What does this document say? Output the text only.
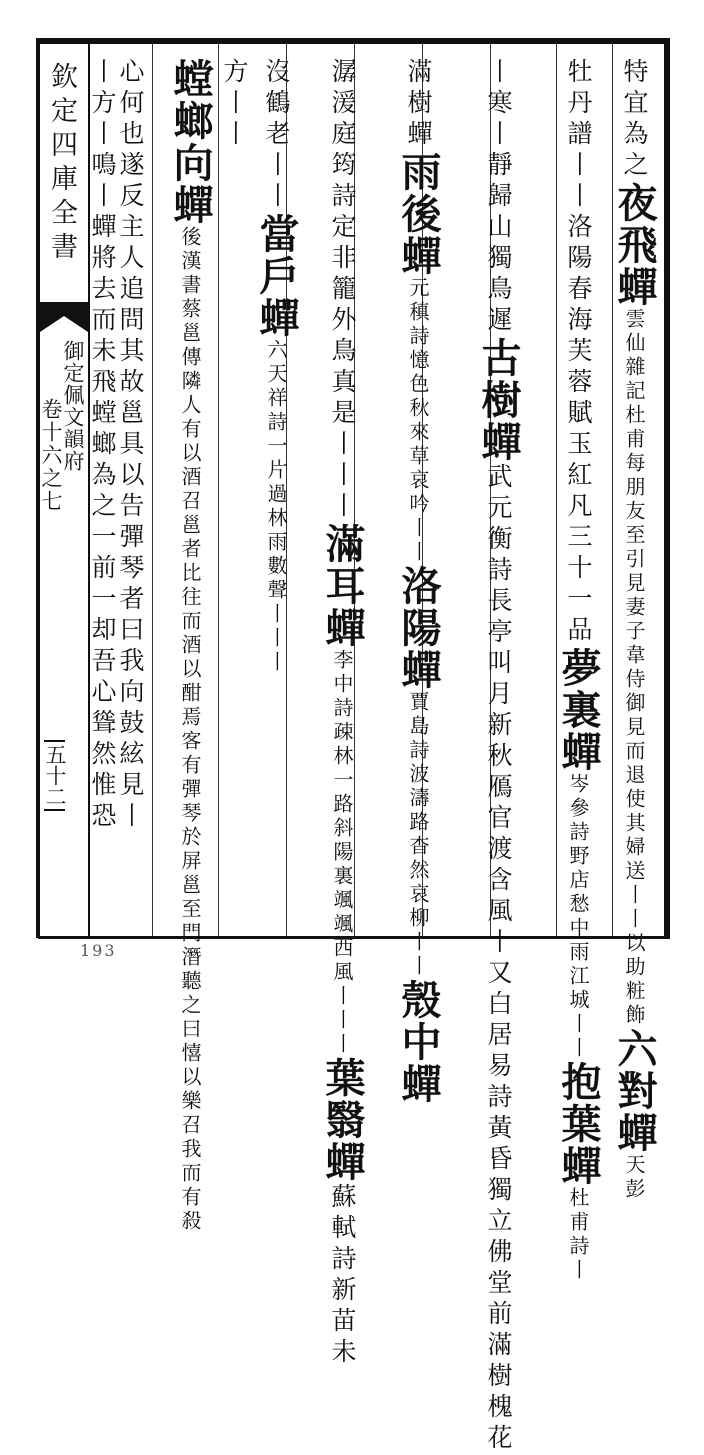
欽定四庫全書
御定佩文韻府
卷十六之七
五十二
特宜為之夜飛蟬雲仙雜記杜甫每朋友至引見妻子韋侍御見而退使其婦送丨丨以助粧飾六對蟬天彭
牡丹譜丨丨洛陽春海芙蓉賦玉紅凡三十一品夢裏蟬岑參詩野店愁中雨江城丨丨抱葉蟬杜甫詩丨
丨寒丨靜歸山獨鳥遲古樹蟬武元衡詩長亭叫月新秋鴈官渡含風丨又白居易詩黃昏獨立佛堂前滿樹槐花
滿樹蟬雨後蟬元稹詩憶色秋來草哀吟丨丨洛陽蟬賈島詩波濤路杳然哀柳丨丨殼中蟬
潺湲庭筠詩定非籠外鳥真是丨丨丨滿耳蟬李中詩疎林一路斜陽裏颯颯西風丨丨丨葉翳蟬蘇軾詩新苗未
沒鶴老丨丨當戶蟬六天祥詩一片過林雨數聲丨丨丨
方丨丨
螳螂向蟬後漢書蔡邕傳隣人有以酒召邕者比往而酒以酣焉客有彈琴於屏邕至門潛聽之曰憘以樂召我而有殺
心何也遂反主人追問其故邕具以告彈琴者曰我向鼓絃見丨
丨方丨鳴丨蟬將去而未飛螳螂為之一前一却吾心聳然惟恐
193
